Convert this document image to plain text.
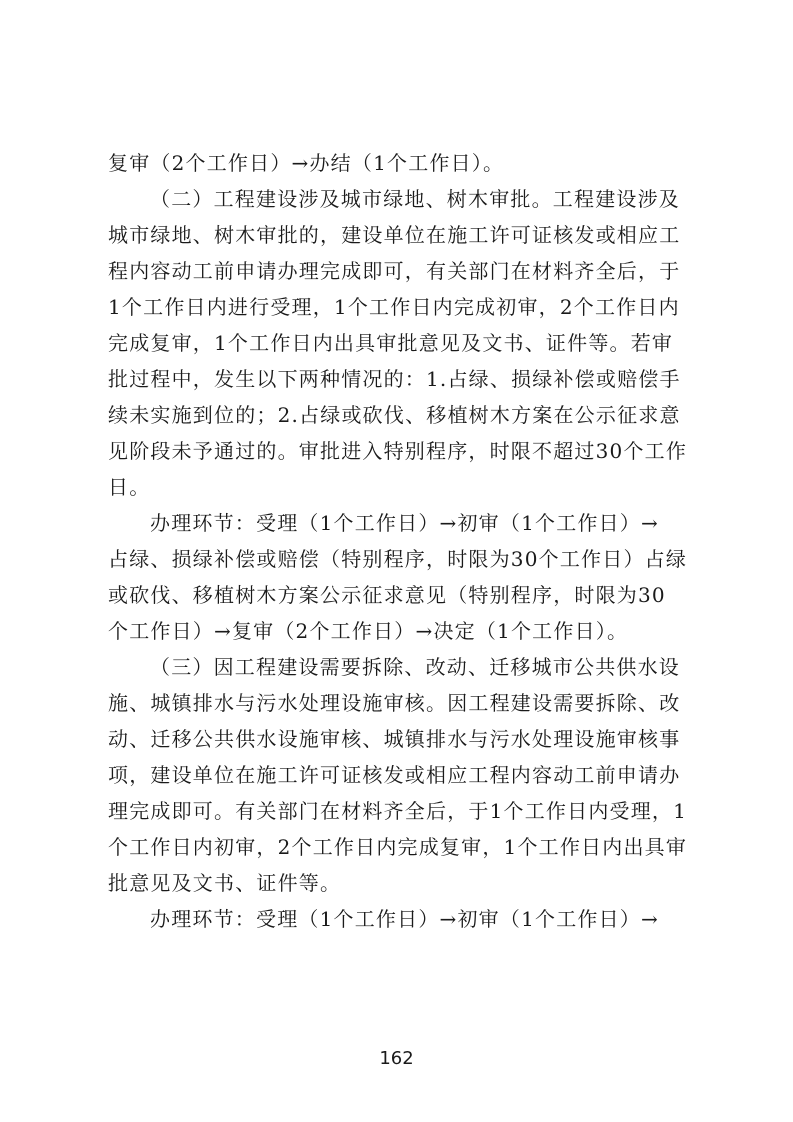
复审（2个工作日）→办结（1个工作日）。
（二）工程建设涉及城市绿地、树木审批。工程建设涉及
城市绿地、树木审批的，建设单位在施工许可证核发或相应工
程内容动工前申请办理完成即可，有关部门在材料齐全后，于
1个工作日内进行受理，1个工作日内完成初审，2个工作日内
完成复审，1个工作日内出具审批意见及文书、证件等。若审
批过程中，发生以下两种情况的：1.占绿、损绿补偿或赔偿手
续未实施到位的；2.占绿或砍伐、移植树木方案在公示征求意
见阶段未予通过的。审批进入特别程序，时限不超过30个工作
日。
办理环节：受理（1个工作日）→初审（1个工作日）→
占绿、损绿补偿或赔偿（特别程序，时限为30个工作日）占绿
或砍伐、移植树木方案公示征求意见（特别程序，时限为30
个工作日）→复审（2个工作日）→决定（1个工作日）。
（三）因工程建设需要拆除、改动、迁移城市公共供水设
施、城镇排水与污水处理设施审核。因工程建设需要拆除、改
动、迁移公共供水设施审核、城镇排水与污水处理设施审核事
项，建设单位在施工许可证核发或相应工程内容动工前申请办
理完成即可。有关部门在材料齐全后，于1个工作日内受理，1
个工作日内初审，2个工作日内完成复审，1个工作日内出具审
批意见及文书、证件等。
办理环节：受理（1个工作日）→初审（1个工作日）→
162
